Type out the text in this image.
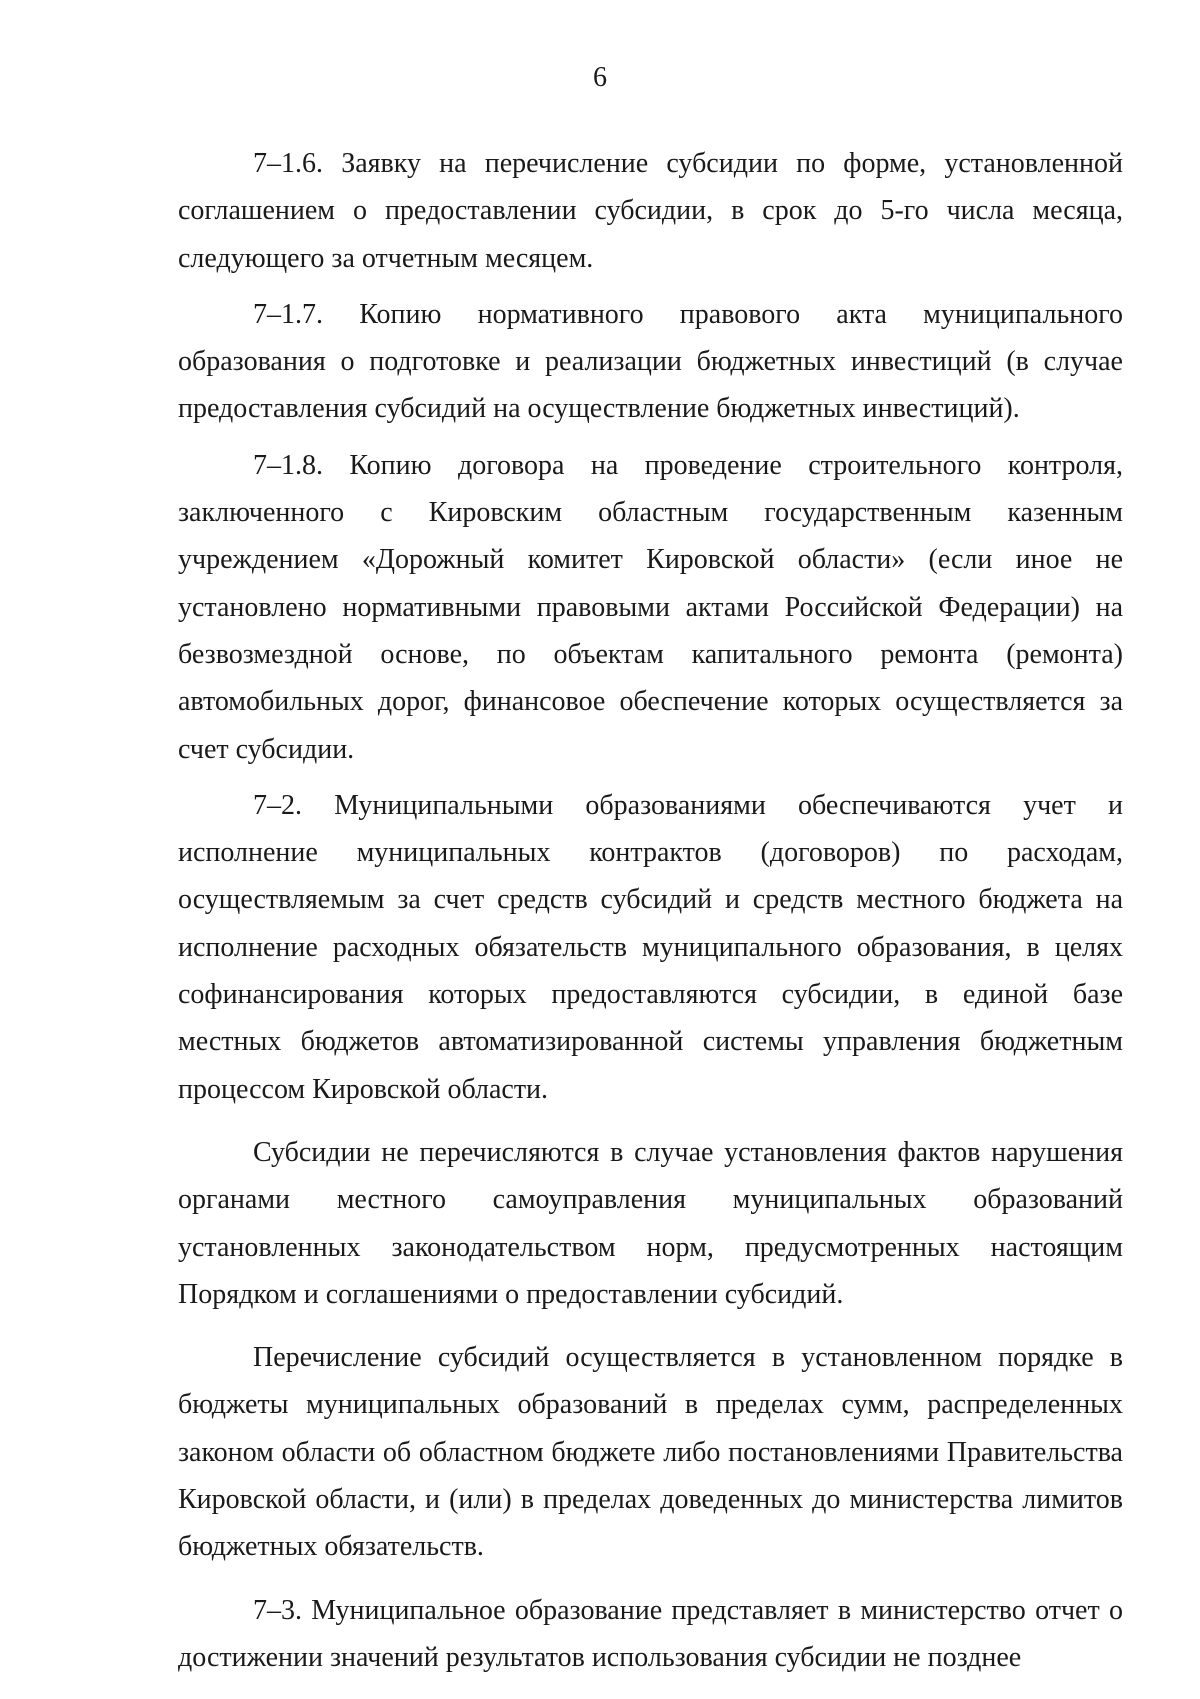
6

7–1.6. Заявку на перечисление субсидии по форме, установленной соглашением о предоставлении субсидии, в срок до 5-го числа месяца, следующего за отчетным месяцем.

7–1.7. Копию нормативного правового акта муниципального образования о подготовке и реализации бюджетных инвестиций (в случае предоставления субсидий на осуществление бюджетных инвестиций).

7–1.8. Копию договора на проведение строительного контроля, заключенного с Кировским областным государственным казенным учреждением «Дорожный комитет Кировской области» (если иное не установлено нормативными правовыми актами Российской Федерации) на безвозмездной основе, по объектам капитального ремонта (ремонта) автомобильных дорог, финансовое обеспечение которых осуществляется за счет субсидии.

7–2. Муниципальными образованиями обеспечиваются учет и исполнение муниципальных контрактов (договоров) по расходам, осуществляемым за счет средств субсидий и средств местного бюджета на исполнение расходных обязательств муниципального образования, в целях софинансирования которых предоставляются субсидии, в единой базе местных бюджетов автоматизированной системы управления бюджетным процессом Кировской области.

Субсидии не перечисляются в случае установления фактов нарушения органами местного самоуправления муниципальных образований установленных законодательством норм, предусмотренных настоящим Порядком и соглашениями о предоставлении субсидий.

Перечисление субсидий осуществляется в установленном порядке в бюджеты муниципальных образований в пределах сумм, распределенных законом области об областном бюджете либо постановлениями Правительства Кировской области, и (или) в пределах доведенных до министерства лимитов бюджетных обязательств.

7–3. Муниципальное образование представляет в министерство отчет о достижении значений результатов использования субсидии не позднее
